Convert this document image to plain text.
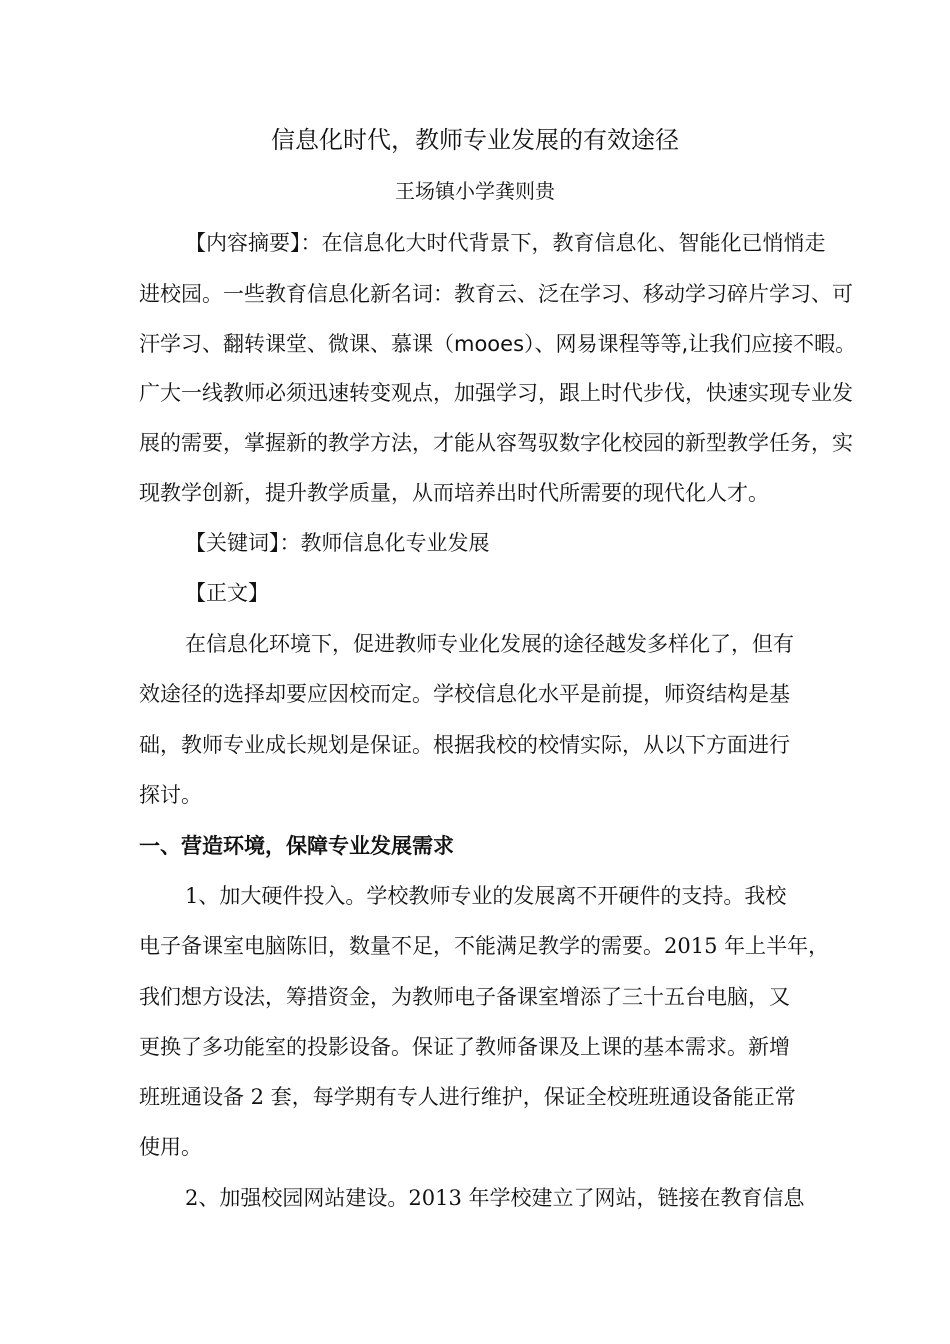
信息化时代，教师专业发展的有效途径
王场镇小学龚则贵
【内容摘要】：在信息化大时代背景下，教育信息化、智能化已悄悄走
进校园。一些教育信息化新名词：教育云、泛在学习、移动学习碎片学习、可
汗学习、翻转课堂、微课、慕课（mooes）、网易课程等等,让我们应接不暇。
广大一线教师必须迅速转变观点，加强学习，跟上时代步伐，快速实现专业发
展的需要，掌握新的教学方法，才能从容驾驭数字化校园的新型教学任务，实
现教学创新，提升教学质量，从而培养出时代所需要的现代化人才。
【关键词】：教师信息化专业发展
【正文】
在信息化环境下，促进教师专业化发展的途径越发多样化了，但有
效途径的选择却要应因校而定。学校信息化水平是前提，师资结构是基
础，教师专业成长规划是保证。根据我校的校情实际，从以下方面进行
探讨。
一、营造环境，保障专业发展需求
1、加大硬件投入。学校教师专业的发展离不开硬件的支持。我校
电子备课室电脑陈旧，数量不足，不能满足教学的需要。2015 年上半年，
我们想方设法，筹措资金，为教师电子备课室增添了三十五台电脑，又
更换了多功能室的投影设备。保证了教师备课及上课的基本需求。新增
班班通设备 2 套，每学期有专人进行维护，保证全校班班通设备能正常
使用。
2、加强校园网站建设。2013 年学校建立了网站，链接在教育信息
